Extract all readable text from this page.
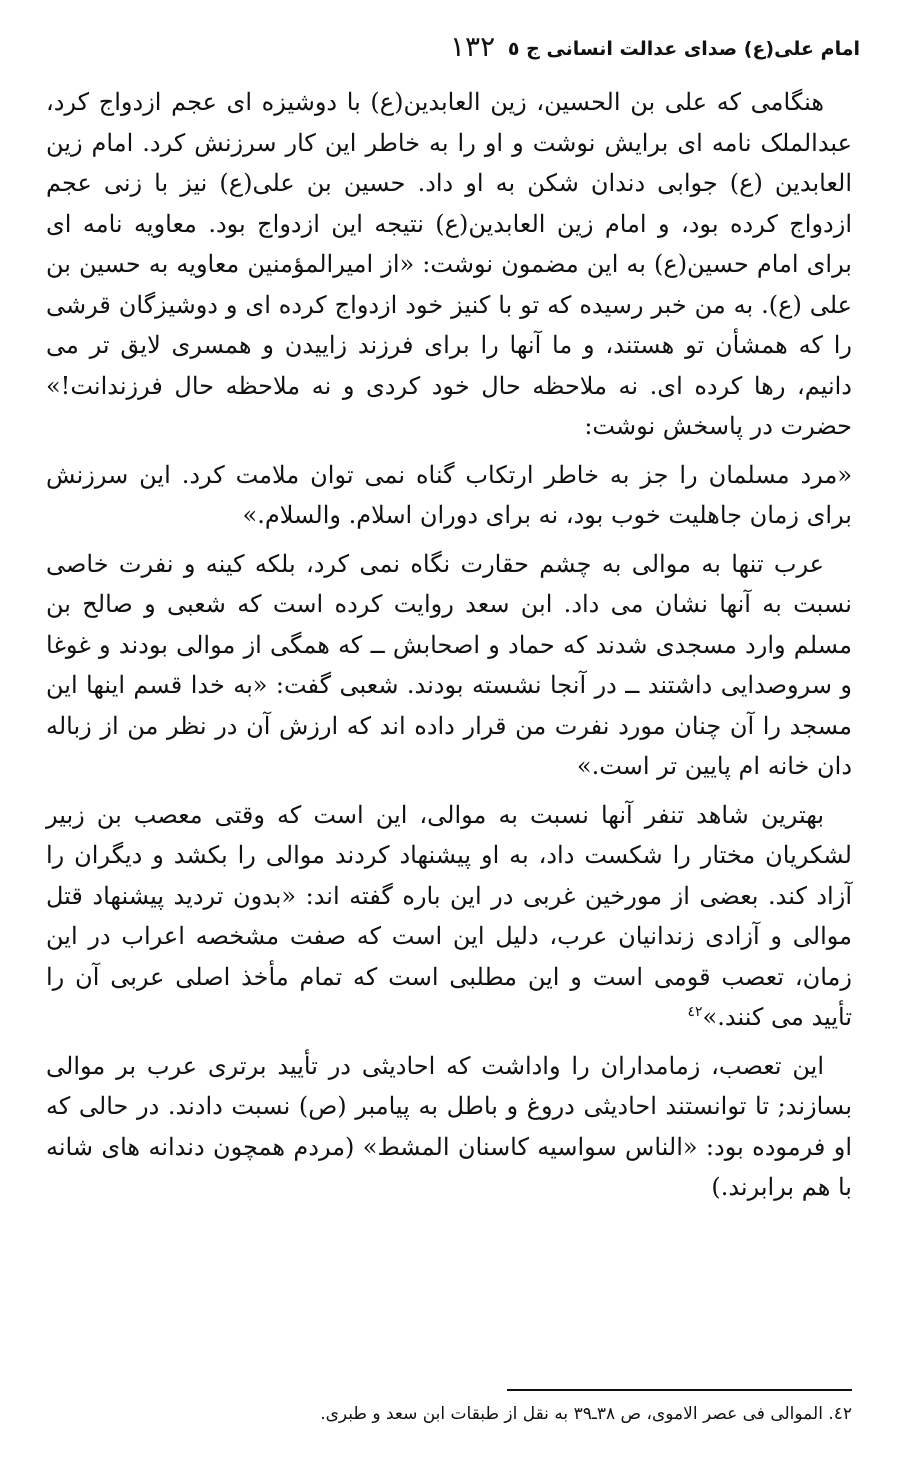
امام علی(ع) صدای عدالت انسانی ج ٥
١٣٢

هنگامی که علی بن الحسین، زین العابدین(ع) با دوشیزه ای عجم ازدواج کرد، عبدالملک نامه ای برایش نوشت و او را به خاطر این کار سرزنش کرد. امام زین العابدین (ع) جوابی دندان شکن به او داد. حسین بن علی(ع) نیز با زنی عجم ازدواج کرده بود، و امام زین العابدین(ع) نتیجه این ازدواج بود. معاویه نامه ای برای امام حسین(ع) به این مضمون نوشت: «از امیرالمؤمنین معاویه به حسین بن علی (ع). به من خبر رسیده که تو با کنیز خود ازدواج کرده ای و دوشیزگان قرشی را که همشأن تو هستند، و ما آنها را برای فرزند زاییدن و همسری لایق تر می دانیم، رها کرده ای. نه ملاحظه حال خود کردی و نه ملاحظه حال فرزندانت!» حضرت در پاسخش نوشت:

«مرد مسلمان را جز به خاطر ارتکاب گناه نمی توان ملامت کرد. این سرزنش برای زمان جاهلیت خوب بود، نه برای دوران اسلام. والسلام.»

عرب تنها به موالی به چشم حقارت نگاه نمی کرد، بلکه کینه و نفرت خاصی نسبت به آنها نشان می داد. ابن سعد روایت کرده است که شعبی و صالح بن مسلم وارد مسجدی شدند که حماد و اصحابش ــ که همگی از موالی بودند و غوغا و سروصدایی داشتند ــ در آنجا نشسته بودند. شعبی گفت: «به خدا قسم اینها این مسجد را آن چنان مورد نفرت من قرار داده اند که ارزش آن در نظر من از زباله دان خانه ام پایین تر است.»

بهترین شاهد تنفر آنها نسبت به موالی، این است که وقتی معصب بن زبیر لشکریان مختار را شکست داد، به او پیشنهاد کردند موالی را بکشد و دیگران را آزاد کند. بعضی از مورخین غربی در این باره گفته اند: «بدون تردید پیشنهاد قتل موالی و آزادی زندانیان عرب، دلیل این است که صفت مشخصه اعراب در این زمان، تعصب قومی است و این مطلبی است که تمام مأخذ اصلی عربی آن را تأیید می کنند.»$^{٤٢}$

این تعصب، زمامداران را واداشت که احادیثی در تأیید برتری عرب بر موالی بسازند; تا توانستند احادیثی دروغ و باطل به پیامبر (ص) نسبت دادند. در حالی که او فرموده بود: «الناس سواسیه کاسنان المشط» (مردم همچون دندانه های شانه با هم برابرند.)

٤٢. الموالی فی عصر الاموی، ص ٣٨ـ٣٩ به نقل از طبقات ابن سعد و طبری.
